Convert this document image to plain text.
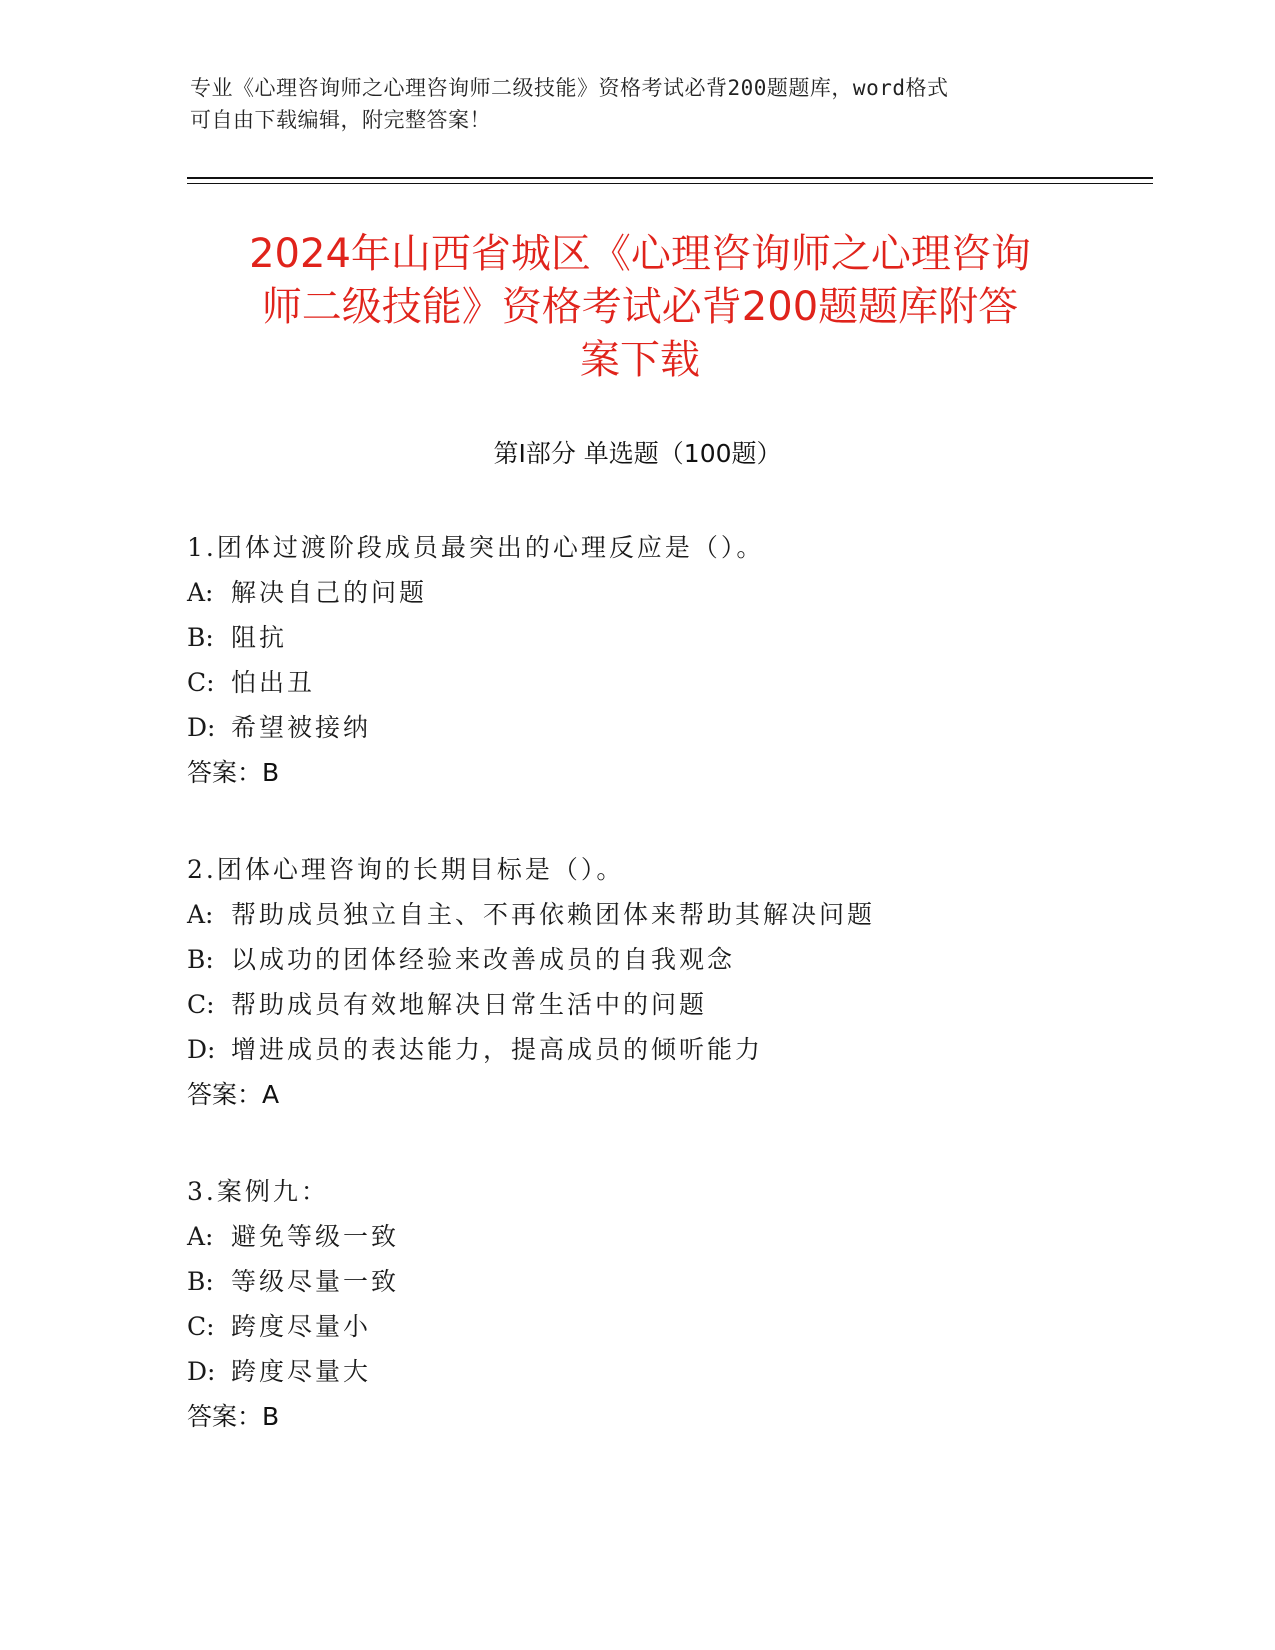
专业《心理咨询师之心理咨询师二级技能》资格考试必背200题题库，word格式
可自由下载编辑，附完整答案！
2024年山西省城区《心理咨询师之心理咨询
师二级技能》资格考试必背200题题库附答
案下载
第Ⅰ部分 单选题（100题）
1.团体过渡阶段成员最突出的心理反应是（）。
A: 解决自己的问题
B: 阻抗
C: 怕出丑
D: 希望被接纳
答案：B
2.团体心理咨询的长期目标是（）。
A: 帮助成员独立自主、不再依赖团体来帮助其解决问题
B: 以成功的团体经验来改善成员的自我观念
C: 帮助成员有效地解决日常生活中的问题
D: 增进成员的表达能力，提高成员的倾听能力
答案：A
3.案例九：
A: 避免等级一致
B: 等级尽量一致
C: 跨度尽量小
D: 跨度尽量大
答案：B
